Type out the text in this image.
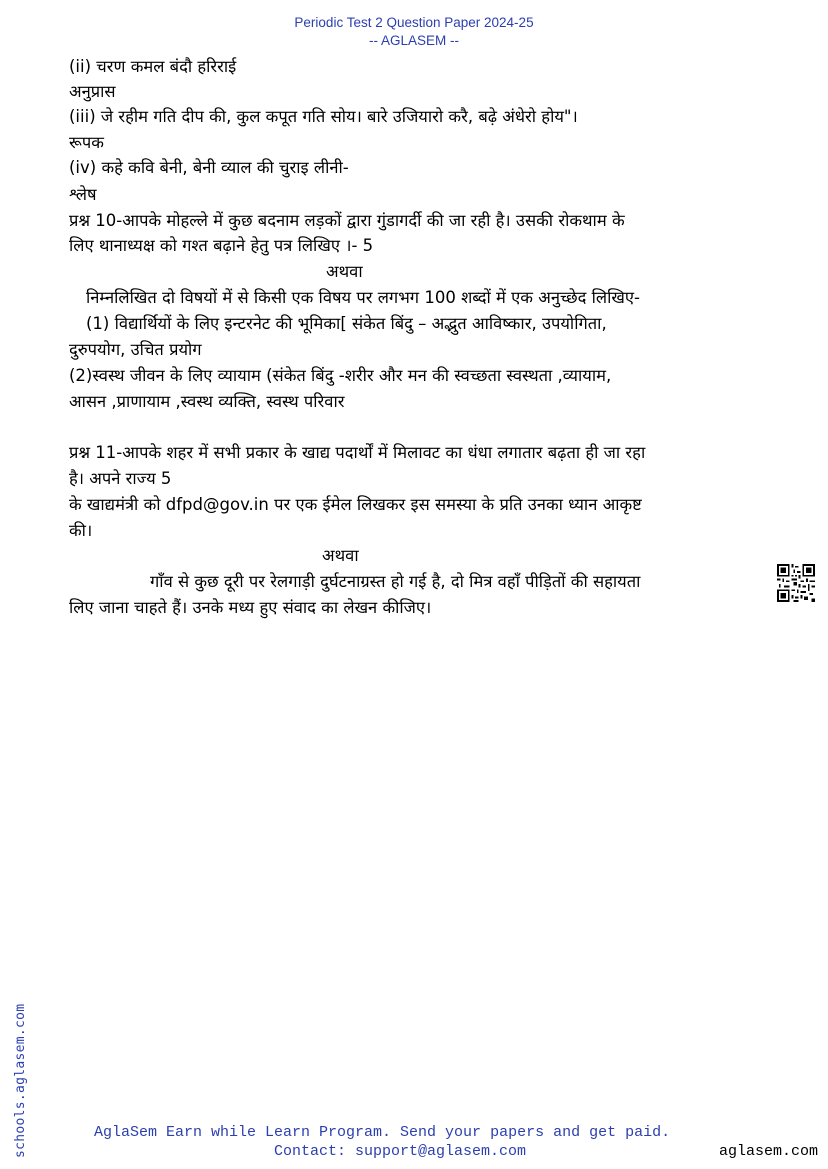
Periodic Test 2 Question Paper 2024-25
-- AGLASEM --
(ii) चरण कमल बंदौ हरिराई
अनुप्रास
(iii) जे रहीम गति दीप की, कुल कपूत गति सोय। बारे उजियारो करै, बढ़े अंधेरो होय"।
रूपक
(iv) कहे कवि बेनी, बेनी व्याल की चुराइ लीनी-
श्लेष
प्रश्न 10-आपके मोहल्ले में कुछ बदनाम लड़कों द्वारा गुंडागर्दी की जा रही है। उसकी रोकथाम के
लिए थानाध्यक्ष को गश्त बढ़ाने हेतु पत्र लिखिए ।- 5
अथवा
निम्नलिखित दो विषयों में से किसी एक विषय पर लगभग 100 शब्दों में एक अनुच्छेद लिखिए-
(1) विद्यार्थियों के लिए इन्टरनेट की भूमिका[ संकेत बिंदु – अद्भुत आविष्कार, उपयोगिता,
दुरुपयोग, उचित प्रयोग
(2)स्वस्थ जीवन के लिए व्यायाम (संकेत बिंदु -शरीर और मन की स्वच्छता स्वस्थता ,व्यायाम,
आसन ,प्राणायाम ,स्वस्थ व्यक्ति, स्वस्थ परिवार
प्रश्न 11-आपके शहर में सभी प्रकार के खाद्य पदार्थों में मिलावट का धंधा लगातार बढ़ता ही जा रहा
है। अपने राज्य 5
के खाद्यमंत्री को dfpd@gov.in पर एक ईमेल लिखकर इस समस्या के प्रति उनका ध्यान आकृष्ट
की।
अथवा
गाँव से कुछ दूरी पर रेलगाड़ी दुर्घटनाग्रस्त हो गई है, दो मित्र वहाँ पीड़ितों की सहायता
लिए जाना चाहते हैं। उनके मध्य हुए संवाद का लेखन कीजिए।
schools.aglasem.com	AglaSem Earn while Learn Program. Send your papers and get paid.
Contact: support@aglasem.com	aglasem.com
